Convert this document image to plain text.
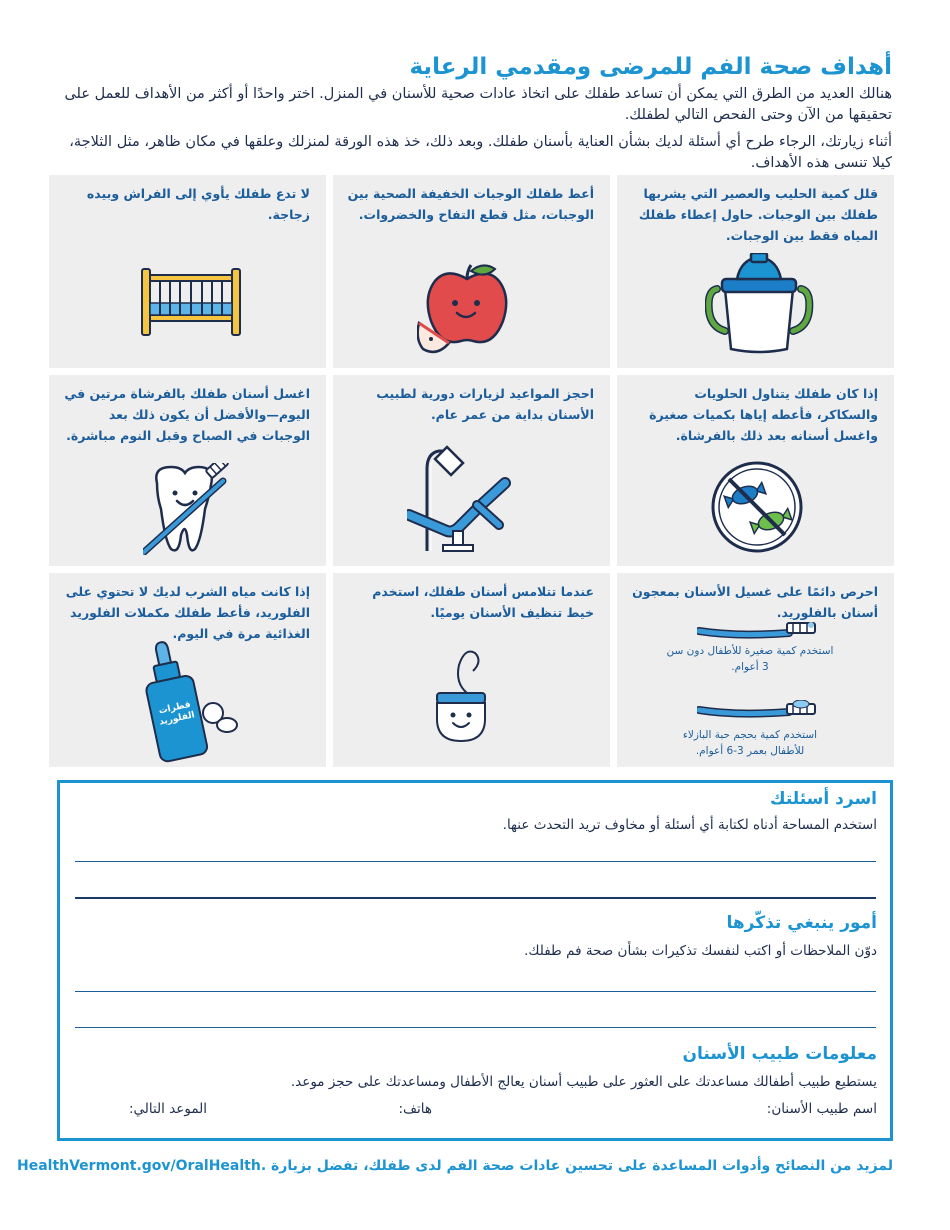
أهداف صحة الفم للمرضى ومقدمي الرعاية

هنالك العديد من الطرق التي يمكن أن تساعد طفلك على اتخاذ عادات صحية للأسنان في المنزل. اختر واحدًا أو أكثر من الأهداف للعمل على تحقيقها من الآن وحتى الفحص التالي لطفلك.

أثناء زيارتك، الرجاء طرح أي أسئلة لديك بشأن العناية بأسنان طفلك. وبعد ذلك، خذ هذه الورقة لمنزلك وعلقها في مكان ظاهر، مثل الثلاجة، كيلا تنسى هذه الأهداف.

قلل كمية الحليب والعصير التي يشربها طفلك بين الوجبات. حاول إعطاء طفلك المياه فقط بين الوجبات.

أعط طفلك الوجبات الخفيفة الصحية بين الوجبات، مثل قطع التفاح والخضروات.

لا تدع طفلك يأوي إلى الفراش وبيده زجاجة.

إذا كان طفلك يتناول الحلويات والسكاكر، فأعطه إياها بكميات صغيرة واغسل أسنانه بعد ذلك بالفرشاة.

احجز المواعيد لزيارات دورية لطبيب الأسنان بداية من عمر عام.

اغسل أسنان طفلك بالفرشاة مرتين في اليوم—والأفضل أن يكون ذلك بعد الوجبات في الصباح وقبل النوم مباشرة.

احرص دائمًا على غسيل الأسنان بمعجون أسنان بالفلوريد.

استخدم كمية صغيرة للأطفال دون سن 3 أعوام.

استخدم كمية بحجم حبة البازلاء للأطفال بعمر 3-6 أعوام.

عندما تتلامس أسنان طفلك، استخدم خيط تنظيف الأسنان يوميًا.

إذا كانت مياه الشرب لديك لا تحتوي على الفلوريد، فأعط طفلك مكملات الفلوريد الغذائية مرة في اليوم.

قطرات الفلوريد
اسرد أسئلتك

استخدم المساحة أدناه لكتابة أي أسئلة أو مخاوف تريد التحدث عنها.

أمور ينبغي تذكّرها

دوّن الملاحظات أو اكتب لنفسك تذكيرات بشأن صحة فم طفلك.

معلومات طبيب الأسنان

يستطيع طبيب أطفالك مساعدتك على العثور على طبيب أسنان يعالج الأطفال ومساعدتك على حجز موعد.

اسم طبيب الأسنان:
هاتف:
الموعد التالي:

لمزيد من النصائح وأدوات المساعدة على تحسين عادات صحة الفم لدى طفلك، تفضل بزيارة HealthVermont.gov/OralHealth.
